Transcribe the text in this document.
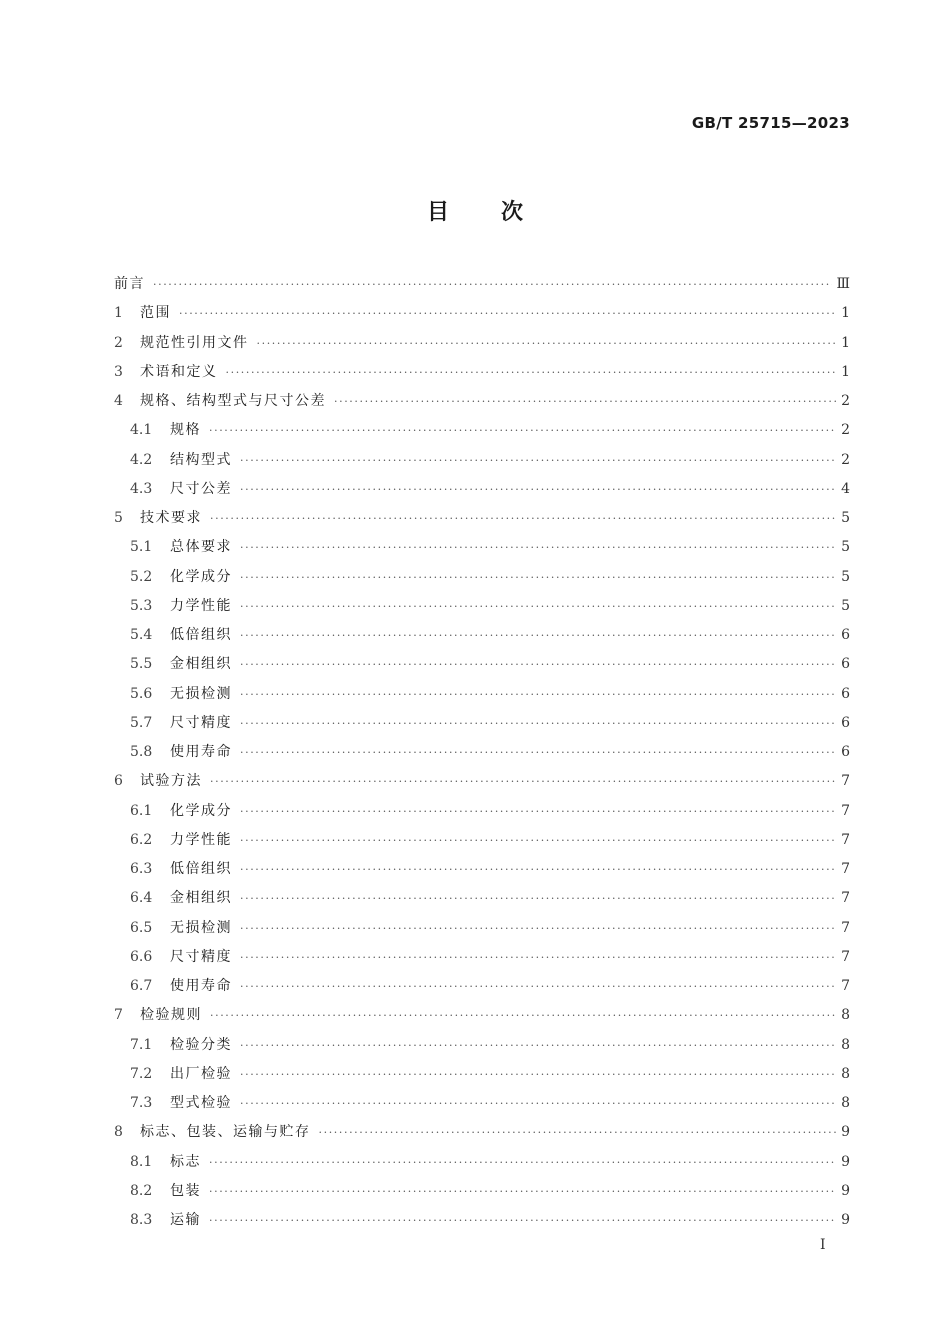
GB/T 25715—2023
目次
前言 ·····	Ⅲ
1	范围 ·····	1
2	规范性引用文件 ·····	1
3	术语和定义 ·····	1
4	规格、结构型式与尺寸公差 ·····	2
4.1	规格 ·····	2
4.2	结构型式 ·····	2
4.3	尺寸公差 ·····	4
5	技术要求 ·····	5
5.1	总体要求 ·····	5
5.2	化学成分 ·····	5
5.3	力学性能 ·····	5
5.4	低倍组织 ·····	6
5.5	金相组织 ·····	6
5.6	无损检测 ·····	6
5.7	尺寸精度 ·····	6
5.8	使用寿命 ·····	6
6	试验方法 ·····	7
6.1	化学成分 ·····	7
6.2	力学性能 ·····	7
6.3	低倍组织 ·····	7
6.4	金相组织 ·····	7
6.5	无损检测 ·····	7
6.6	尺寸精度 ·····	7
6.7	使用寿命 ·····	7
7	检验规则 ·····	8
7.1	检验分类 ·····	8
7.2	出厂检验 ·····	8
7.3	型式检验 ·····	8
8	标志、包装、运输与贮存 ·····	9
8.1	标志 ·····	9
8.2	包装 ·····	9
8.3	运输 ·····	9
Ⅰ
